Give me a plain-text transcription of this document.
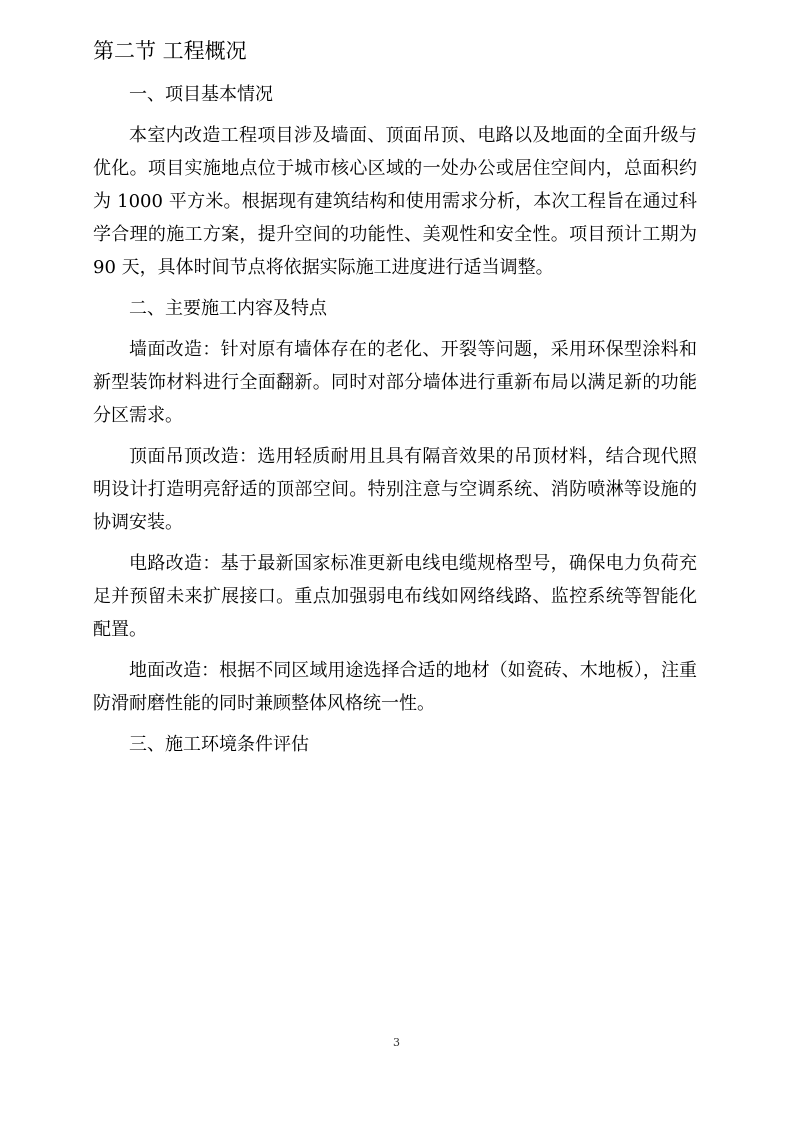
第二节 工程概况

一、项目基本情况

本室内改造工程项目涉及墙面、顶面吊顶、电路以及地面的全面升级与优化。项目实施地点位于城市核心区域的一处办公或居住空间内，总面积约为 1000 平方米。根据现有建筑结构和使用需求分析，本次工程旨在通过科学合理的施工方案，提升空间的功能性、美观性和安全性。项目预计工期为 90 天，具体时间节点将依据实际施工进度进行适当调整。

二、主要施工内容及特点

墙面改造：针对原有墙体存在的老化、开裂等问题，采用环保型涂料和新型装饰材料进行全面翻新。同时对部分墙体进行重新布局以满足新的功能分区需求。

顶面吊顶改造：选用轻质耐用且具有隔音效果的吊顶材料，结合现代照明设计打造明亮舒适的顶部空间。特别注意与空调系统、消防喷淋等设施的协调安装。

电路改造：基于最新国家标准更新电线电缆规格型号，确保电力负荷充足并预留未来扩展接口。重点加强弱电布线如网络线路、监控系统等智能化配置。

地面改造：根据不同区域用途选择合适的地材（如瓷砖、木地板），注重防滑耐磨性能的同时兼顾整体风格统一性。

三、施工环境条件评估

3
